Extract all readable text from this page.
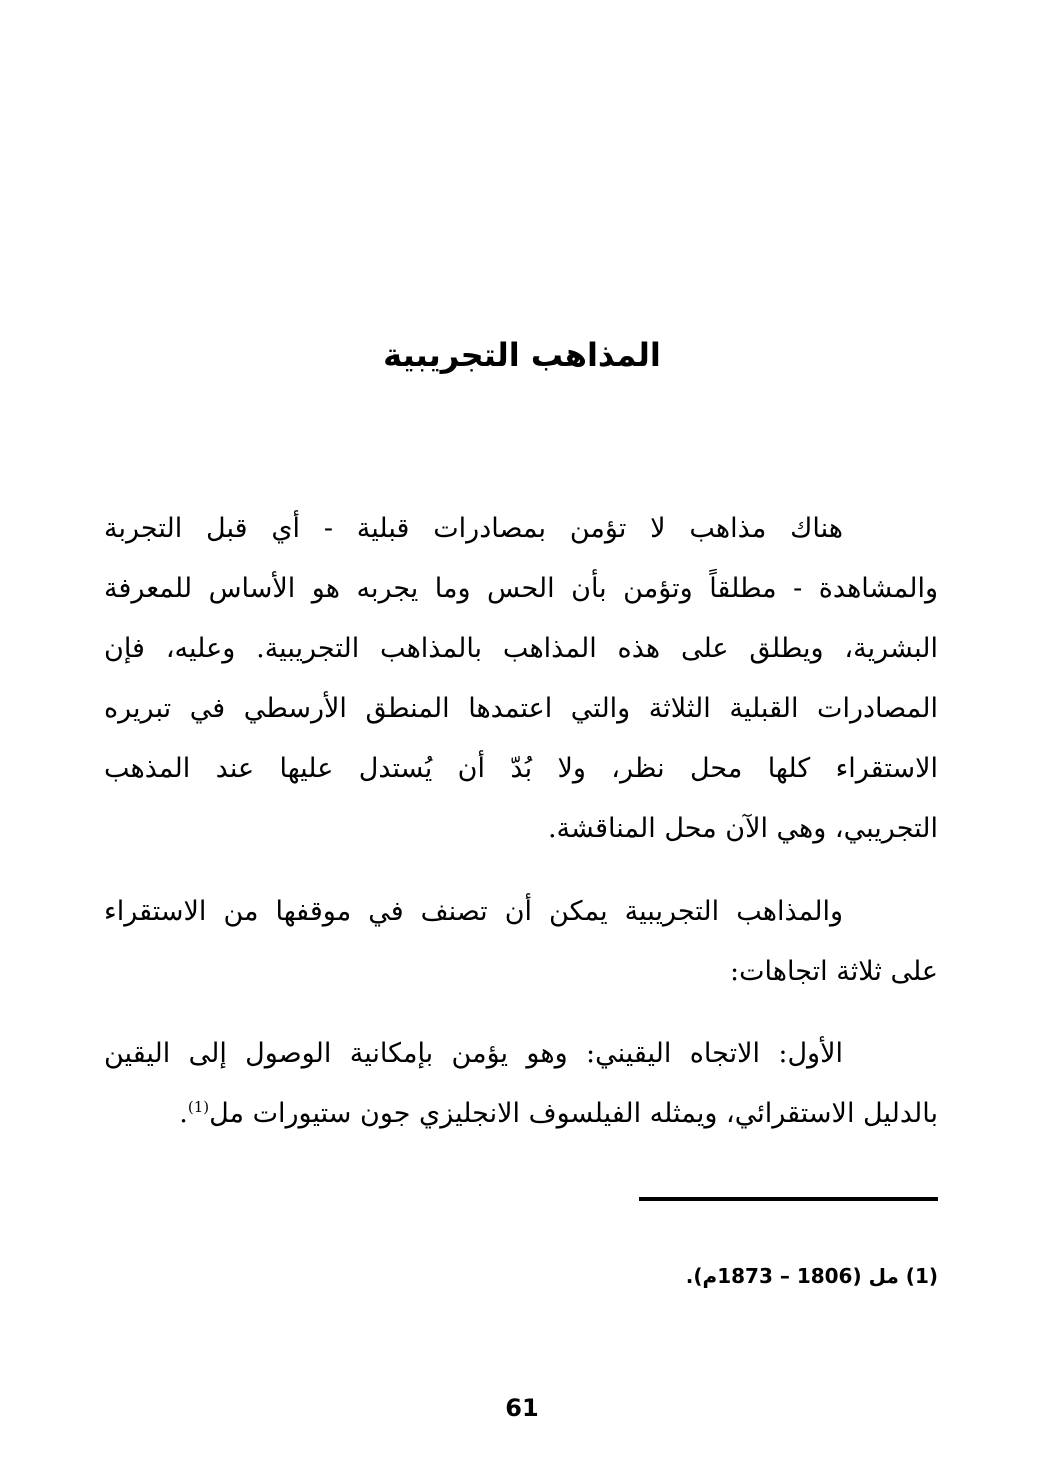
المذاهب التجريبية
هناك مذاهب لا تؤمن بمصادرات قبلية - أي قبل التجربة
والمشاهدة - مطلقاً وتؤمن بأن الحس وما يجربه هو الأساس للمعرفة
البشرية، ويطلق على هذه المذاهب بالمذاهب التجريبية. وعليه، فإن
المصادرات القبلية الثلاثة والتي اعتمدها المنطق الأرسطي في تبريره
الاستقراء كلها محل نظر، ولا بُدّ أن يُستدل عليها عند المذهب
التجريبي، وهي الآن محل المناقشة.
والمذاهب التجريبية يمكن أن تصنف في موقفها من الاستقراء
على ثلاثة اتجاهات:
الأول: الاتجاه اليقيني: وهو يؤمن بإمكانية الوصول إلى اليقين
بالدليل الاستقرائي، ويمثله الفيلسوف الانجليزي جون ستيورات مل$^{(1)}$.
(1) مل (1806 – 1873م).
61
